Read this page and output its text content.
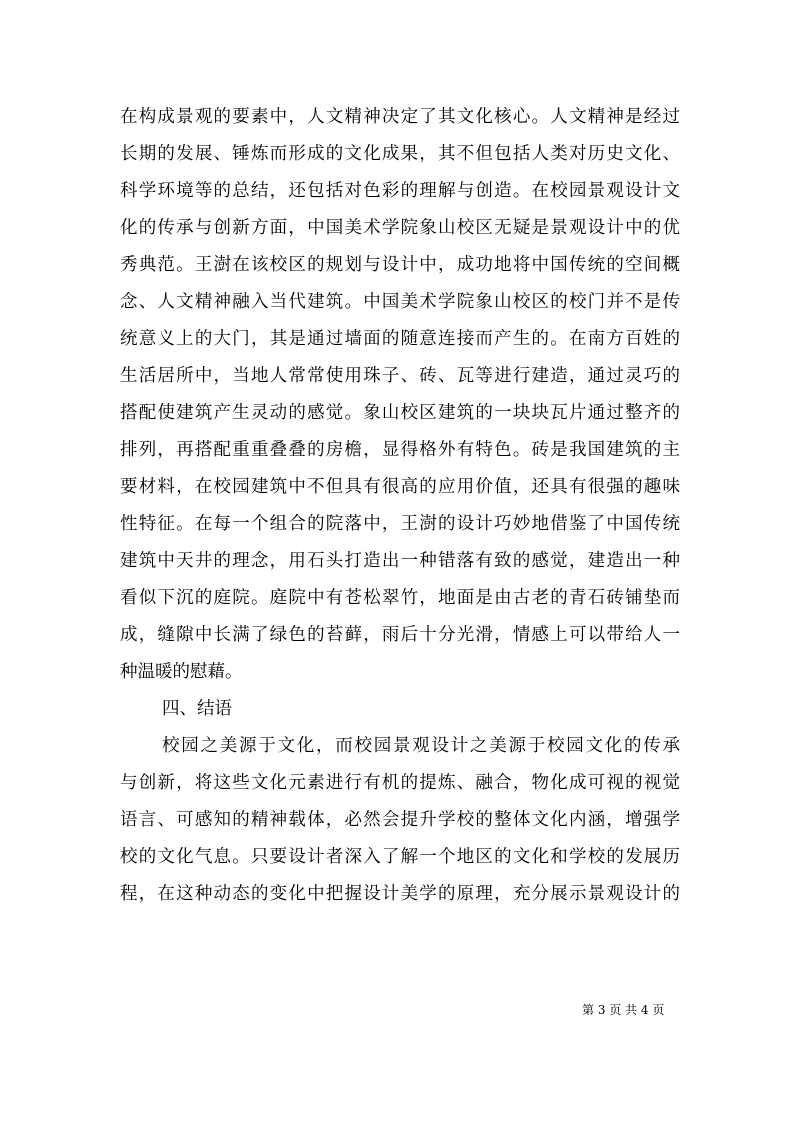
在构成景观的要素中，人文精神决定了其文化核心。人文精神是经过
长期的发展、锤炼而形成的文化成果，其不但包括人类对历史文化、
科学环境等的总结，还包括对色彩的理解与创造。在校园景观设计文
化的传承与创新方面，中国美术学院象山校区无疑是景观设计中的优
秀典范。王澍在该校区的规划与设计中，成功地将中国传统的空间概
念、人文精神融入当代建筑。中国美术学院象山校区的校门并不是传
统意义上的大门，其是通过墙面的随意连接而产生的。在南方百姓的
生活居所中，当地人常常使用珠子、砖、瓦等进行建造，通过灵巧的
搭配使建筑产生灵动的感觉。象山校区建筑的一块块瓦片通过整齐的
排列，再搭配重重叠叠的房檐，显得格外有特色。砖是我国建筑的主
要材料，在校园建筑中不但具有很高的应用价值，还具有很强的趣味
性特征。在每一个组合的院落中，王澍的设计巧妙地借鉴了中国传统
建筑中天井的理念，用石头打造出一种错落有致的感觉，建造出一种
看似下沉的庭院。庭院中有苍松翠竹，地面是由古老的青石砖铺垫而
成，缝隙中长满了绿色的苔藓，雨后十分光滑，情感上可以带给人一
种温暖的慰藉。
四、结语
校园之美源于文化，而校园景观设计之美源于校园文化的传承
与创新，将这些文化元素进行有机的提炼、融合，物化成可视的视觉
语言、可感知的精神载体，必然会提升学校的整体文化内涵，增强学
校的文化气息。只要设计者深入了解一个地区的文化和学校的发展历
程，在这种动态的变化中把握设计美学的原理，充分展示景观设计的
第 3 页 共 4 页
